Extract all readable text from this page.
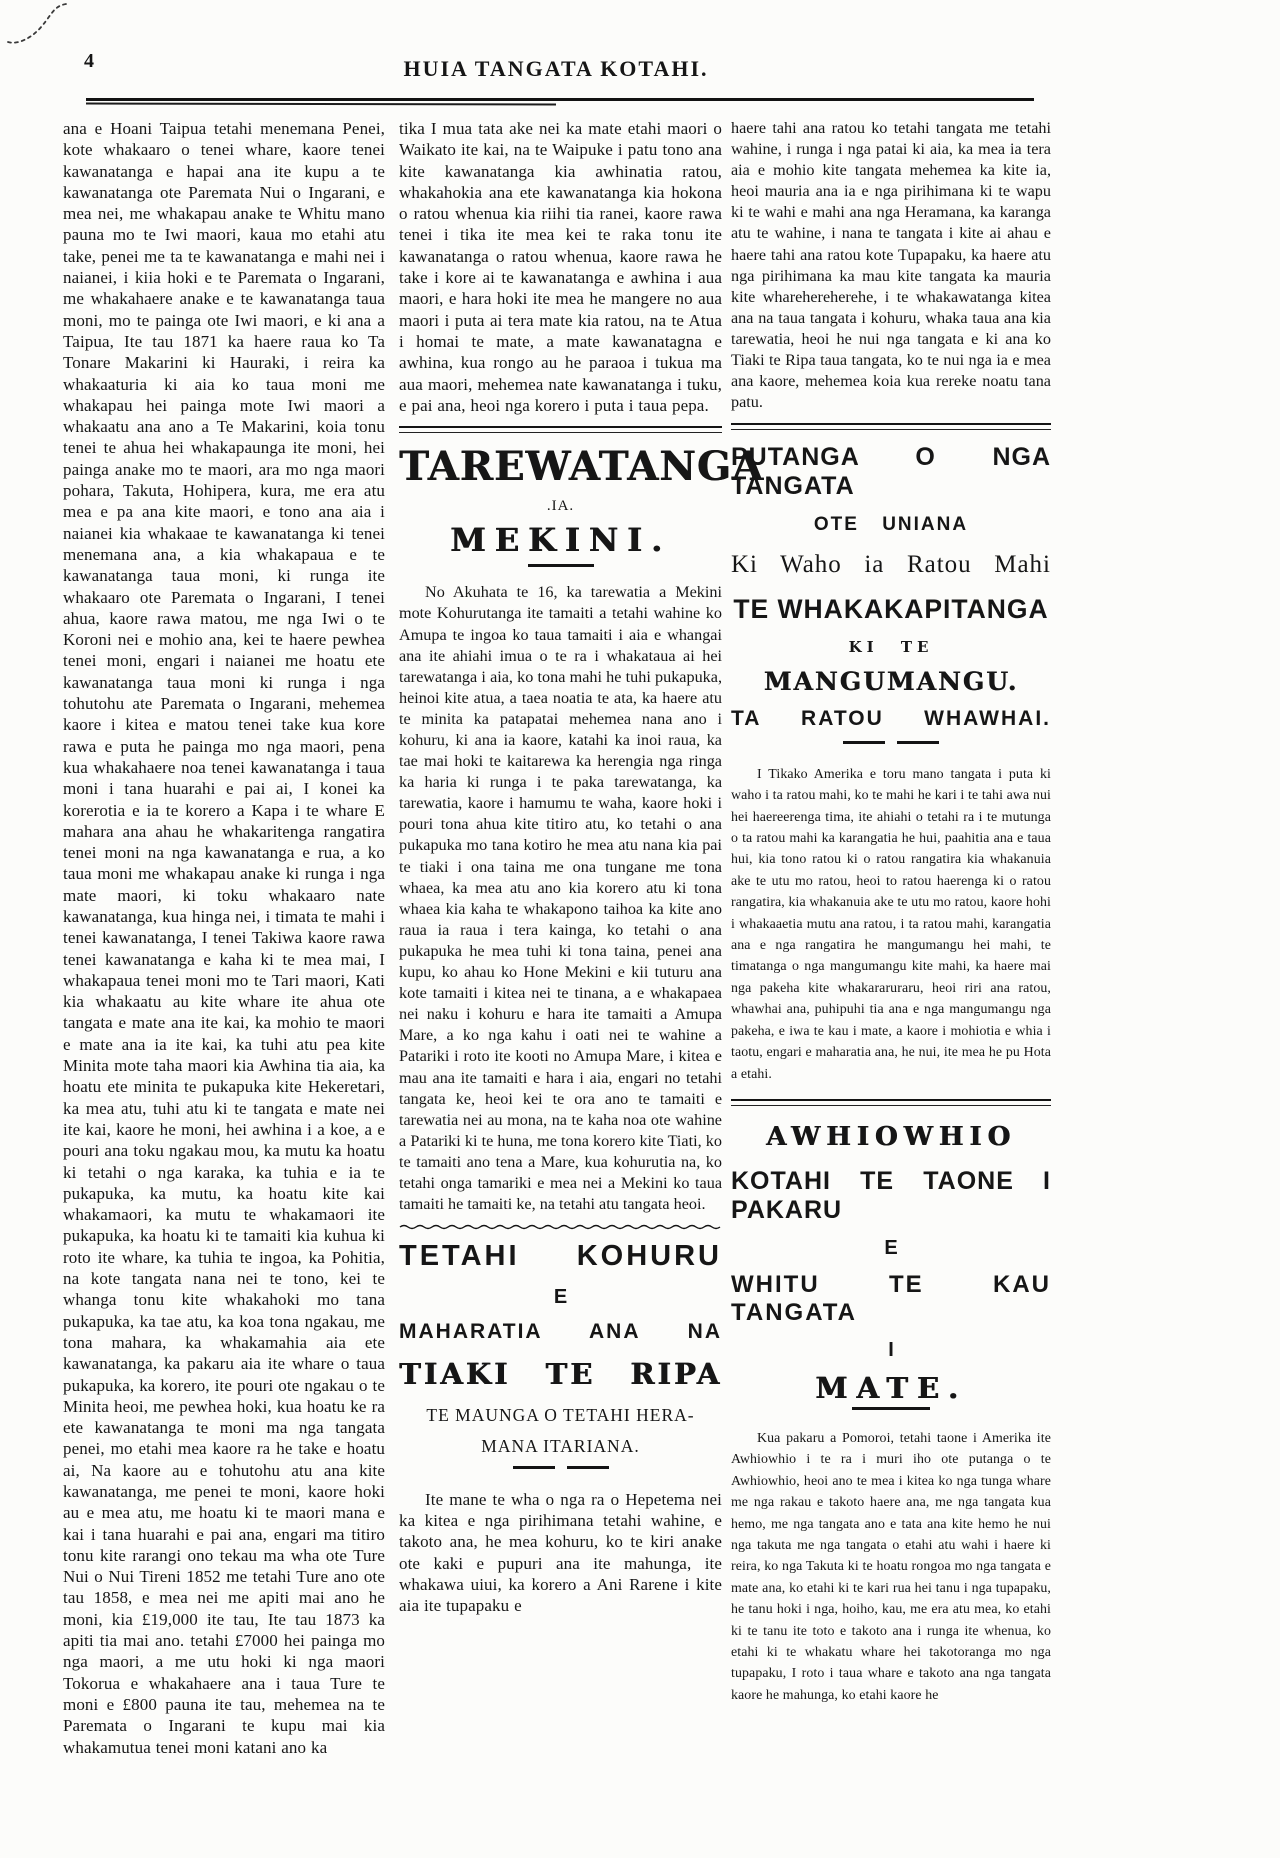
4	HUIA TANGATA KOTAHI.
ana e Hoani Taipua tetahi menemana Penei, kote whakaaro o tenei whare, kaore tenei kawanatanga e hapai ana ite kupu a te kawanatanga ote Paremata Nui o Ingarani, e mea nei, me whakapau anake te Whitu mano pauna mo te Iwi maori, kaua mo etahi atu take, penei me ta te kawanatanga e mahi nei i naianei, i kiia hoki e te Paremata o Ingarani, me whakahaere anake e te kawanatanga taua moni, mo te painga ote Iwi maori, e ki ana a Taipua, Ite tau 1871 ka haere raua ko Ta Tonare Makarini ki Hauraki, i reira ka whakaaturia ki aia ko taua moni me whakapau hei painga mote Iwi maori a whakaatu ana ano a Te Makarini, koia tonu tenei te ahua hei whakapaunga ite moni, hei painga anake mo te maori, ara mo nga maori pohara, Takuta, Hohipera, kura, me era atu mea e pa ana kite maori, e tono ana aia i naianei kia whakaae te kawanatanga ki tenei menemana ana, a kia whakapaua e te kawanatanga taua moni, ki runga ite whakaaro ote Paremata o Ingarani, I tenei ahua, kaore rawa matou, me nga Iwi o te Koroni nei e mohio ana, kei te haere pewhea tenei moni, engari i naianei me hoatu ete kawanatanga taua moni ki runga i nga tohutohu ate Paremata o Ingarani, mehemea kaore i kitea e matou tenei take kua kore rawa e puta he painga mo nga maori, pena kua whakahaere noa tenei kawanatanga i taua moni i tana huarahi e pai ai, I konei ka korerotia e ia te korero a Kapa i te whare E mahara ana ahau he whakaritenga rangatira tenei moni na nga kawanatanga e rua, a ko taua moni me whakapau anake ki runga i nga mate maori, ki toku whakaaro nate kawanatanga, kua hinga nei, i timata te mahi i tenei kawanatanga, I tenei Takiwa kaore rawa tenei kawanatanga e kaha ki te mea mai, I whakapaua tenei moni mo te Tari maori, Kati kia whakaatu au kite whare ite ahua ote tangata e mate ana ite kai, ka mohio te maori e mate ana ia ite kai, ka tuhi atu pea kite Minita mote taha maori kia Awhina tia aia, ka hoatu ete minita te pukapuka kite Hekeretari, ka mea atu, tuhi atu ki te tangata e mate nei ite kai, kaore he moni, hei awhina i a koe, a e pouri ana toku ngakau mou, ka mutu ka hoatu ki tetahi o nga karaka, ka tuhia e ia te pukapuka, ka mutu, ka hoatu kite kai whakamaori, ka mutu te whakamaori ite pukapuka, ka hoatu ki te tamaiti kia kuhua ki roto ite whare, ka tuhia te ingoa, ka Pohitia, na kote tangata nana nei te tono, kei te whanga tonu kite whakahoki mo tana pukapuka, ka tae atu, ka koa tona ngakau, me tona mahara, ka whakamahia aia ete kawanatanga, ka pakaru aia ite whare o taua pukapuka, ka korero, ite pouri ote ngakau o te Minita heoi, me pewhea hoki, kua hoatu ke ra ete kawanatanga te moni ma nga tangata penei, mo etahi mea kaore ra he take e hoatu ai, Na kaore au e tohutohu atu ana kite kawanatanga, me penei te moni, kaore hoki au e mea atu, me hoatu ki te maori mana e kai i tana huarahi e pai ana, engari ma titiro tonu kite rarangi ono tekau ma wha ote Ture Nui o Nui Tireni 1852 me tetahi Ture ano ote tau 1858, e mea nei me apiti mai ano he moni, kia £19,000 ite tau, Ite tau 1873 ka apiti tia mai ano. tetahi £7000 hei painga mo nga maori, a me utu hoki ki nga maori Tokorua e whakahaere ana i taua Ture te moni e £800 pauna ite tau, mehemea na te Paremata o Ingarani te kupu mai kia whakamutua tenei moni katani ano ka
tika I mua tata ake nei ka mate etahi maori o Waikato ite kai, na te Waipuke i patu tono ana kite kawanatanga kia awhinatia ratou, whakahokia ana ete kawanatanga kia hokona o ratou whenua kia riihi tia ranei, kaore rawa tenei i tika ite mea kei te raka tonu ite kawanatanga o ratou whenua, kaore rawa he take i kore ai te kawanatanga e awhina i aua maori, e hara hoki ite mea he mangere no aua maori i puta ai tera mate kia ratou, na te Atua i homai te mate, a mate kawanatagna e awhina, kua rongo au he paraoa i tukua ma aua maori, mehemea nate kawanatanga i tuku, e pai ana, heoi nga korero i puta i taua pepa.
TAREWATANGA
.IA.
MEKINI.
No Akuhata te 16, ka tarewatia a Mekini mote Kohurutanga ite tamaiti a tetahi wahine ko Amupa te ingoa ko taua tamaiti i aia e whangai ana ite ahiahi imua o te ra i whakataua ai hei tarewatanga i aia, ko tona mahi he tuhi pukapuka, heinoi kite atua, a taea noatia te ata, ka haere atu te minita ka patapatai mehemea nana ano i kohuru, ki ana ia kaore, katahi ka inoi raua, ka tae mai hoki te kaitarewa ka herengia nga ringa ka haria ki runga i te paka tarewatanga, ka tarewatia, kaore i hamumu te waha, kaore hoki i pouri tona ahua kite titiro atu, ko tetahi o ana pukapuka mo tana kotiro he mea atu nana kia pai te tiaki i ona taina me ona tungane me tona whaea, ka mea atu ano kia korero atu ki tona whaea kia kaha te whakapono taihoa ka kite ano raua ia raua i tera kainga, ko tetahi o ana pukapuka he mea tuhi ki tona taina, penei ana kupu, ko ahau ko Hone Mekini e kii tuturu ana kote tamaiti i kitea nei te tinana, a e whakapaea nei naku i kohuru e hara ite tamaiti a Amupa Mare, a ko nga kahu i oati nei te wahine a Patariki i roto ite kooti no Amupa Mare, i kitea e mau ana ite tamaiti e hara i aia, engari no tetahi tangata ke, heoi kei te ora ano te tamaiti e tarewatia nei au mona, na te kaha noa ote wahine a Patariki ki te huna, me tona korero kite Tiati, ko te tamaiti ano tena a Mare, kua kohurutia na, ko tetahi onga tamariki e mea nei a Mekini ko taua tamaiti he tamaiti ke, na tetahi atu tangata heoi.
TETAHI KOHURU
E
MAHARATIA ANA NA
TIAKI TE RIPA
TE MAUNGA O TETAHI HERA-
MANA ITARIANA.
Ite mane te wha o nga ra o Hepetema nei ka kitea e nga pirihimana tetahi wahine, e takoto ana, he mea kohuru, ko te kiri anake ote kaki e pupuri ana ite mahunga, ite whakawa uiui, ka korero a Ani Rarene i kite aia ite tupapaku e
haere tahi ana ratou ko tetahi tangata me tetahi wahine, i runga i nga patai ki aia, ka mea ia tera aia e mohio kite tangata mehemea ka kite ia, heoi mauria ana ia e nga pirihimana ki te wapu ki te wahi e mahi ana nga Heramana, ka karanga atu te wahine, i nana te tangata i kite ai ahau e haere tahi ana ratou kote Tupapaku, ka haere atu nga pirihimana ka mau kite tangata ka mauria kite wharehereherehe, i te whakawatanga kitea ana na taua tangata i kohuru, whaka taua ana kia tarewatia, heoi he nui nga tangata e ki ana ko Tiaki te Ripa taua tangata, ko te nui nga ia e mea ana kaore, mehemea koia kua rereke noatu tana patu.
PUTANGA O NGA TANGATA
OTE UNIANA
Ki Waho ia Ratou Mahi
TE WHAKAKAPITANGA
KI TE
MANGUMANGU.
TA RATOU WHAWHAI.
I Tikako Amerika e toru mano tangata i puta ki waho i ta ratou mahi, ko te mahi he kari i te tahi awa nui hei haereerenga tima, ite ahiahi o tetahi ra i te mutunga o ta ratou mahi ka karangatia he hui, paahitia ana e taua hui, kia tono ratou ki o ratou rangatira kia whakanuia ake te utu mo ratou, heoi to ratou haerenga ki o ratou rangatira, kia whakanuia ake te utu mo ratou, kaore hohi i whakaaetia mutu ana ratou, i ta ratou mahi, karangatia ana e nga rangatira he mangumangu hei mahi, te timatanga o nga mangumangu kite mahi, ka haere mai nga pakeha kite whakararuraru, heoi riri ana ratou, whawhai ana, puhipuhi tia ana e nga mangumangu nga pakeha, e iwa te kau i mate, a kaore i mohiotia e whia i taotu, engari e maharatia ana, he nui, ite mea he pu Hota a etahi.
AWHIOWHIO
KOTAHI TE TAONE I PAKARU
E
WHITU TE KAU TANGATA
I
MATE.
Kua pakaru a Pomoroi, tetahi taone i Amerika ite Awhiowhio i te ra i muri iho ote putanga o te Awhiowhio, heoi ano te mea i kitea ko nga tunga whare me nga rakau e takoto haere ana, me nga tangata kua hemo, me nga tangata ano e tata ana kite hemo he nui nga takuta me nga tangata o etahi atu wahi i haere ki reira, ko nga Takuta ki te hoatu rongoa mo nga tangata e mate ana, ko etahi ki te kari rua hei tanu i nga tupapaku, he tanu hoki i nga, hoiho, kau, me era atu mea, ko etahi ki te tanu ite toto e takoto ana i runga ite whenua, ko etahi ki te whakatu whare hei takotoranga mo nga tupapaku, I roto i taua whare e takoto ana nga tangata kaore he mahunga, ko etahi kaore he
